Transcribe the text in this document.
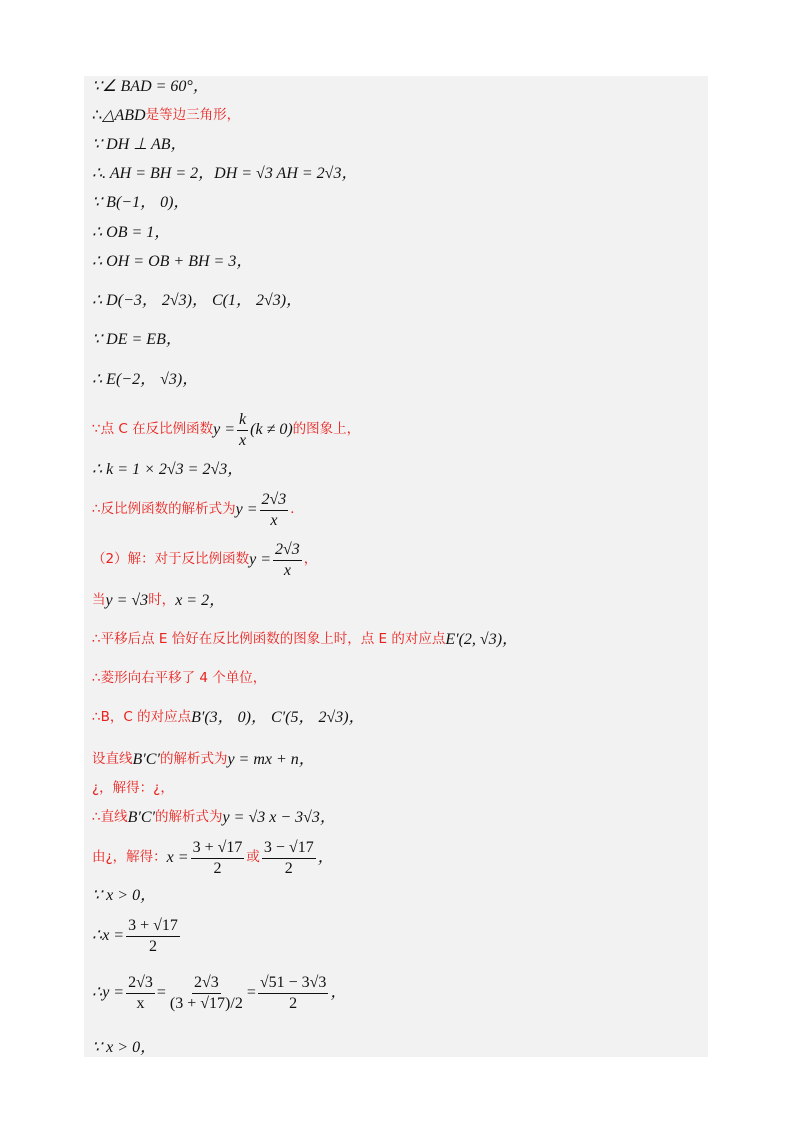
∵∠ BAD = 60°，
∴ △ABD 是等边三角形，
∵ DH ⊥ AB，
∴. AH = BH = 2，DH = √3 AH = 2√3，
∵ B(−1， 0)，
∴ OB = 1，
∴ OH = OB + BH = 3，
∴ D(−3， 2√3)， C(1， 2√3)，
∵ DE = EB，
∴ E(−2， √3)，
∵点 C 在反比例函数 $y = \frac{k}{x} (k \ne 0)$ 的图象上，
∴ k = 1 × 2√3 = 2√3，
∴反比例函数的解析式为 $y = \frac{2√3}{x}$ ．
（2）解：对于反比例函数 $y = \frac{2√3}{x}$ ，
当 y = √3 时， x = 2，
∴平移后点 E 恰好在反比例函数的图象上时，点 E 的对应点 E′(2, √3)，
∴菱形向右平移了 4 个单位，
∴B，C 的对应点 B′(3， 0)， C′(5， 2√3)，
设直线 B′C′ 的解析式为 y = mx + n，
¿，解得：¿，
∴直线 B′C′ 的解析式为 y = √3 x − 3√3，
由¿，解得： $x = \frac{3 + √17}{2}$ 或 $\frac{3 - √17}{2}$ ，
∵ x > 0，
∴ $x = \frac{3 + √17}{2}$
∴ $y = \frac{2√3}{x} = \frac{2√3}{(3 + √17)/2} = \frac{√51 - 3√3}{2}$ ，
∵ x > 0，
